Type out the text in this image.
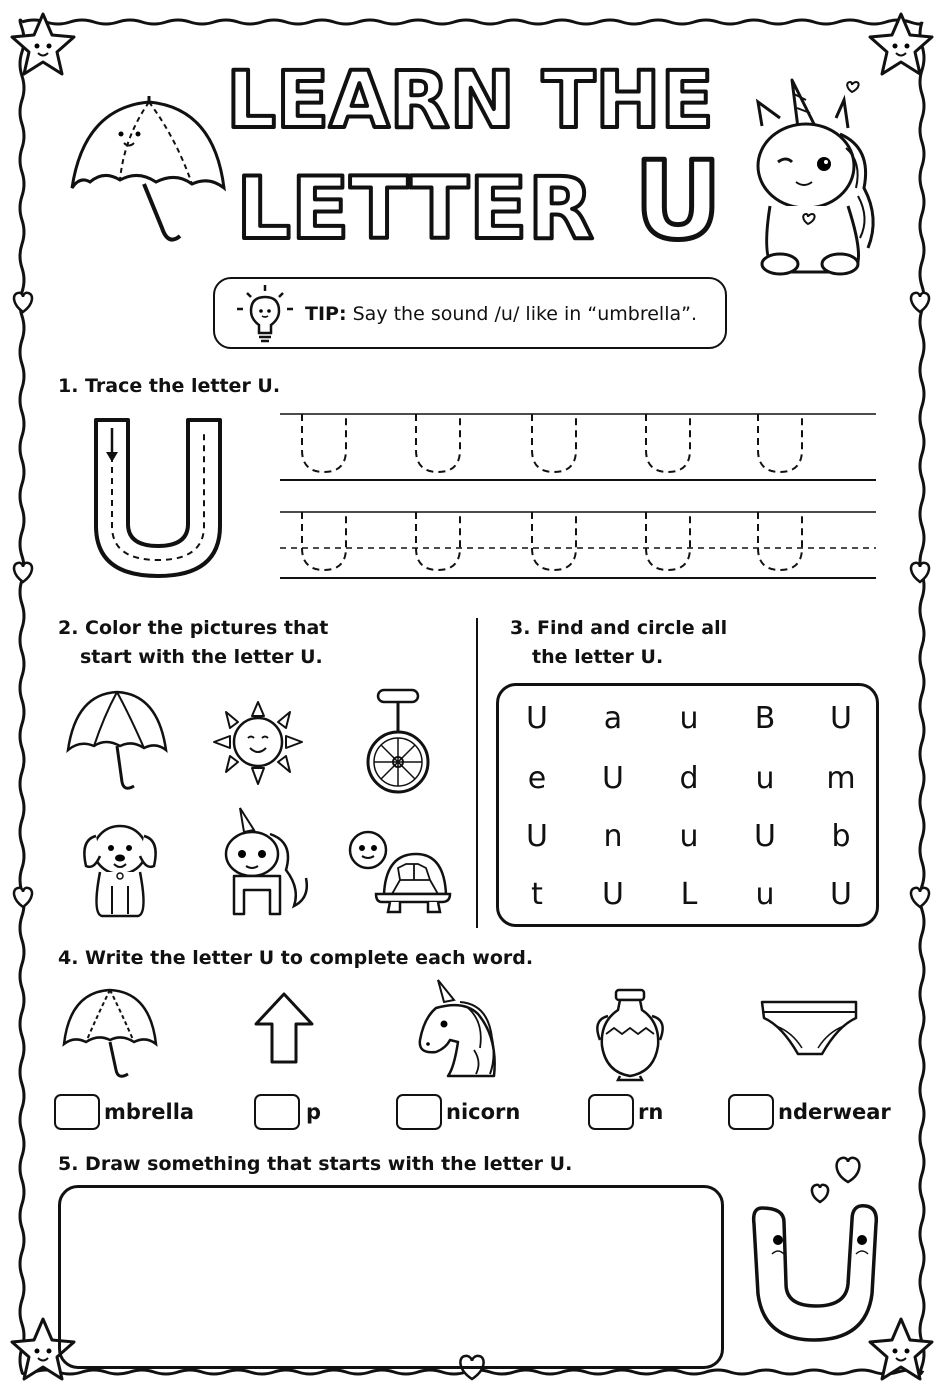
LEARN THE
LETTER U
TIP: Say the sound /u/ like in “umbrella”.
1. Trace the letter U.
2. Color the pictures that
start with the letter U.
3. Find and circle all
the letter U.
U	a	u	B	U
e	U	d	u	m
U	n	u	U	b
t	U	L	u	U
4. Write the letter U to complete each word.
mbrella	p	nicorn	rn	nderwear
5. Draw something that starts with the letter U.
